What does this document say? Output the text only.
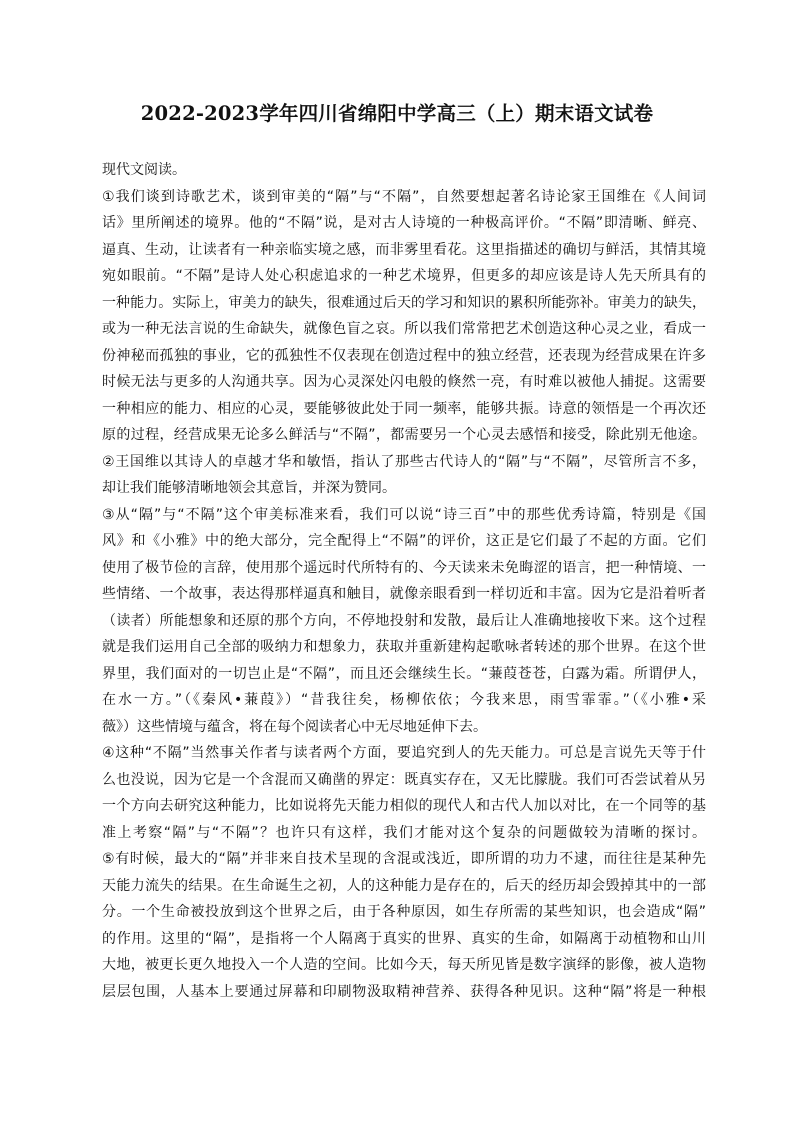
2022-2023学年四川省绵阳中学高三（上）期末语文试卷
现代文阅读。
①我们谈到诗歌艺术，谈到审美的“隔”与“不隔”，自然要想起著名诗论家王国维在《人间词
话》里所阐述的境界。他的“不隔”说，是对古人诗境的一种极高评价。“不隔”即清晰、鲜亮、
逼真、生动，让读者有一种亲临实境之感，而非雾里看花。这里指描述的确切与鲜活，其情其境
宛如眼前。“不隔”是诗人处心积虑追求的一种艺术境界，但更多的却应该是诗人先天所具有的
一种能力。实际上，审美力的缺失，很难通过后天的学习和知识的累积所能弥补。审美力的缺失，
或为一种无法言说的生命缺失，就像色盲之哀。所以我们常常把艺术创造这种心灵之业，看成一
份神秘而孤独的事业，它的孤独性不仅表现在创造过程中的独立经营，还表现为经营成果在许多
时候无法与更多的人沟通共享。因为心灵深处闪电般的倏然一亮，有时难以被他人捕捉。这需要
一种相应的能力、相应的心灵，要能够彼此处于同一频率，能够共振。诗意的领悟是一个再次还
原的过程，经营成果无论多么鲜活与“不隔”，都需要另一个心灵去感悟和接受，除此别无他途。
②王国维以其诗人的卓越才华和敏悟，指认了那些古代诗人的“隔”与“不隔”，尽管所言不多，
却让我们能够清晰地领会其意旨，并深为赞同。
③从“隔”与“不隔”这个审美标准来看，我们可以说“诗三百”中的那些优秀诗篇，特别是《国
风》和《小雅》中的绝大部分，完全配得上“不隔”的评价，这正是它们最了不起的方面。它们
使用了极节俭的言辞，使用那个遥远时代所特有的、今天读来未免晦涩的语言，把一种情境、一
些情绪、一个故事，表达得那样逼真和触目，就像亲眼看到一样切近和丰富。因为它是沿着听者
（读者）所能想象和还原的那个方向，不停地投射和发散，最后让人准确地接收下来。这个过程
就是我们运用自己全部的吸纳力和想象力，获取并重新建构起歌咏者转述的那个世界。在这个世
界里，我们面对的一切岂止是“不隔”，而且还会继续生长。“蒹葭苍苍，白露为霜。所谓伊人，
在水一方。”（《秦风•蒹葭》）“昔我往矣，杨柳依依；今我来思，雨雪霏霏。”（《小雅•采
薇》）这些情境与蕴含，将在每个阅读者心中无尽地延伸下去。
④这种“不隔”当然事关作者与读者两个方面，要追究到人的先天能力。可总是言说先天等于什
么也没说，因为它是一个含混而又确凿的界定：既真实存在，又无比朦胧。我们可否尝试着从另
一个方向去研究这种能力，比如说将先天能力相似的现代人和古代人加以对比，在一个同等的基
准上考察“隔”与“不隔”？也许只有这样，我们才能对这个复杂的问题做较为清晰的探讨。
⑤有时候，最大的“隔”并非来自技术呈现的含混或浅近，即所谓的功力不逮，而往往是某种先
天能力流失的结果。在生命诞生之初，人的这种能力是存在的，后天的经历却会毁掉其中的一部
分。一个生命被投放到这个世界之后，由于各种原因，如生存所需的某些知识，也会造成“隔”
的作用。这里的“隔”，是指将一个人隔离于真实的世界、真实的生命，如隔离于动植物和山川
大地，被更长更久地投入一个人造的空间。比如今天，每天所见皆是数字演绎的影像，被人造物
层层包围，人基本上要通过屏幕和印刷物汲取精神营养、获得各种见识。这种“隔”将是一种根
